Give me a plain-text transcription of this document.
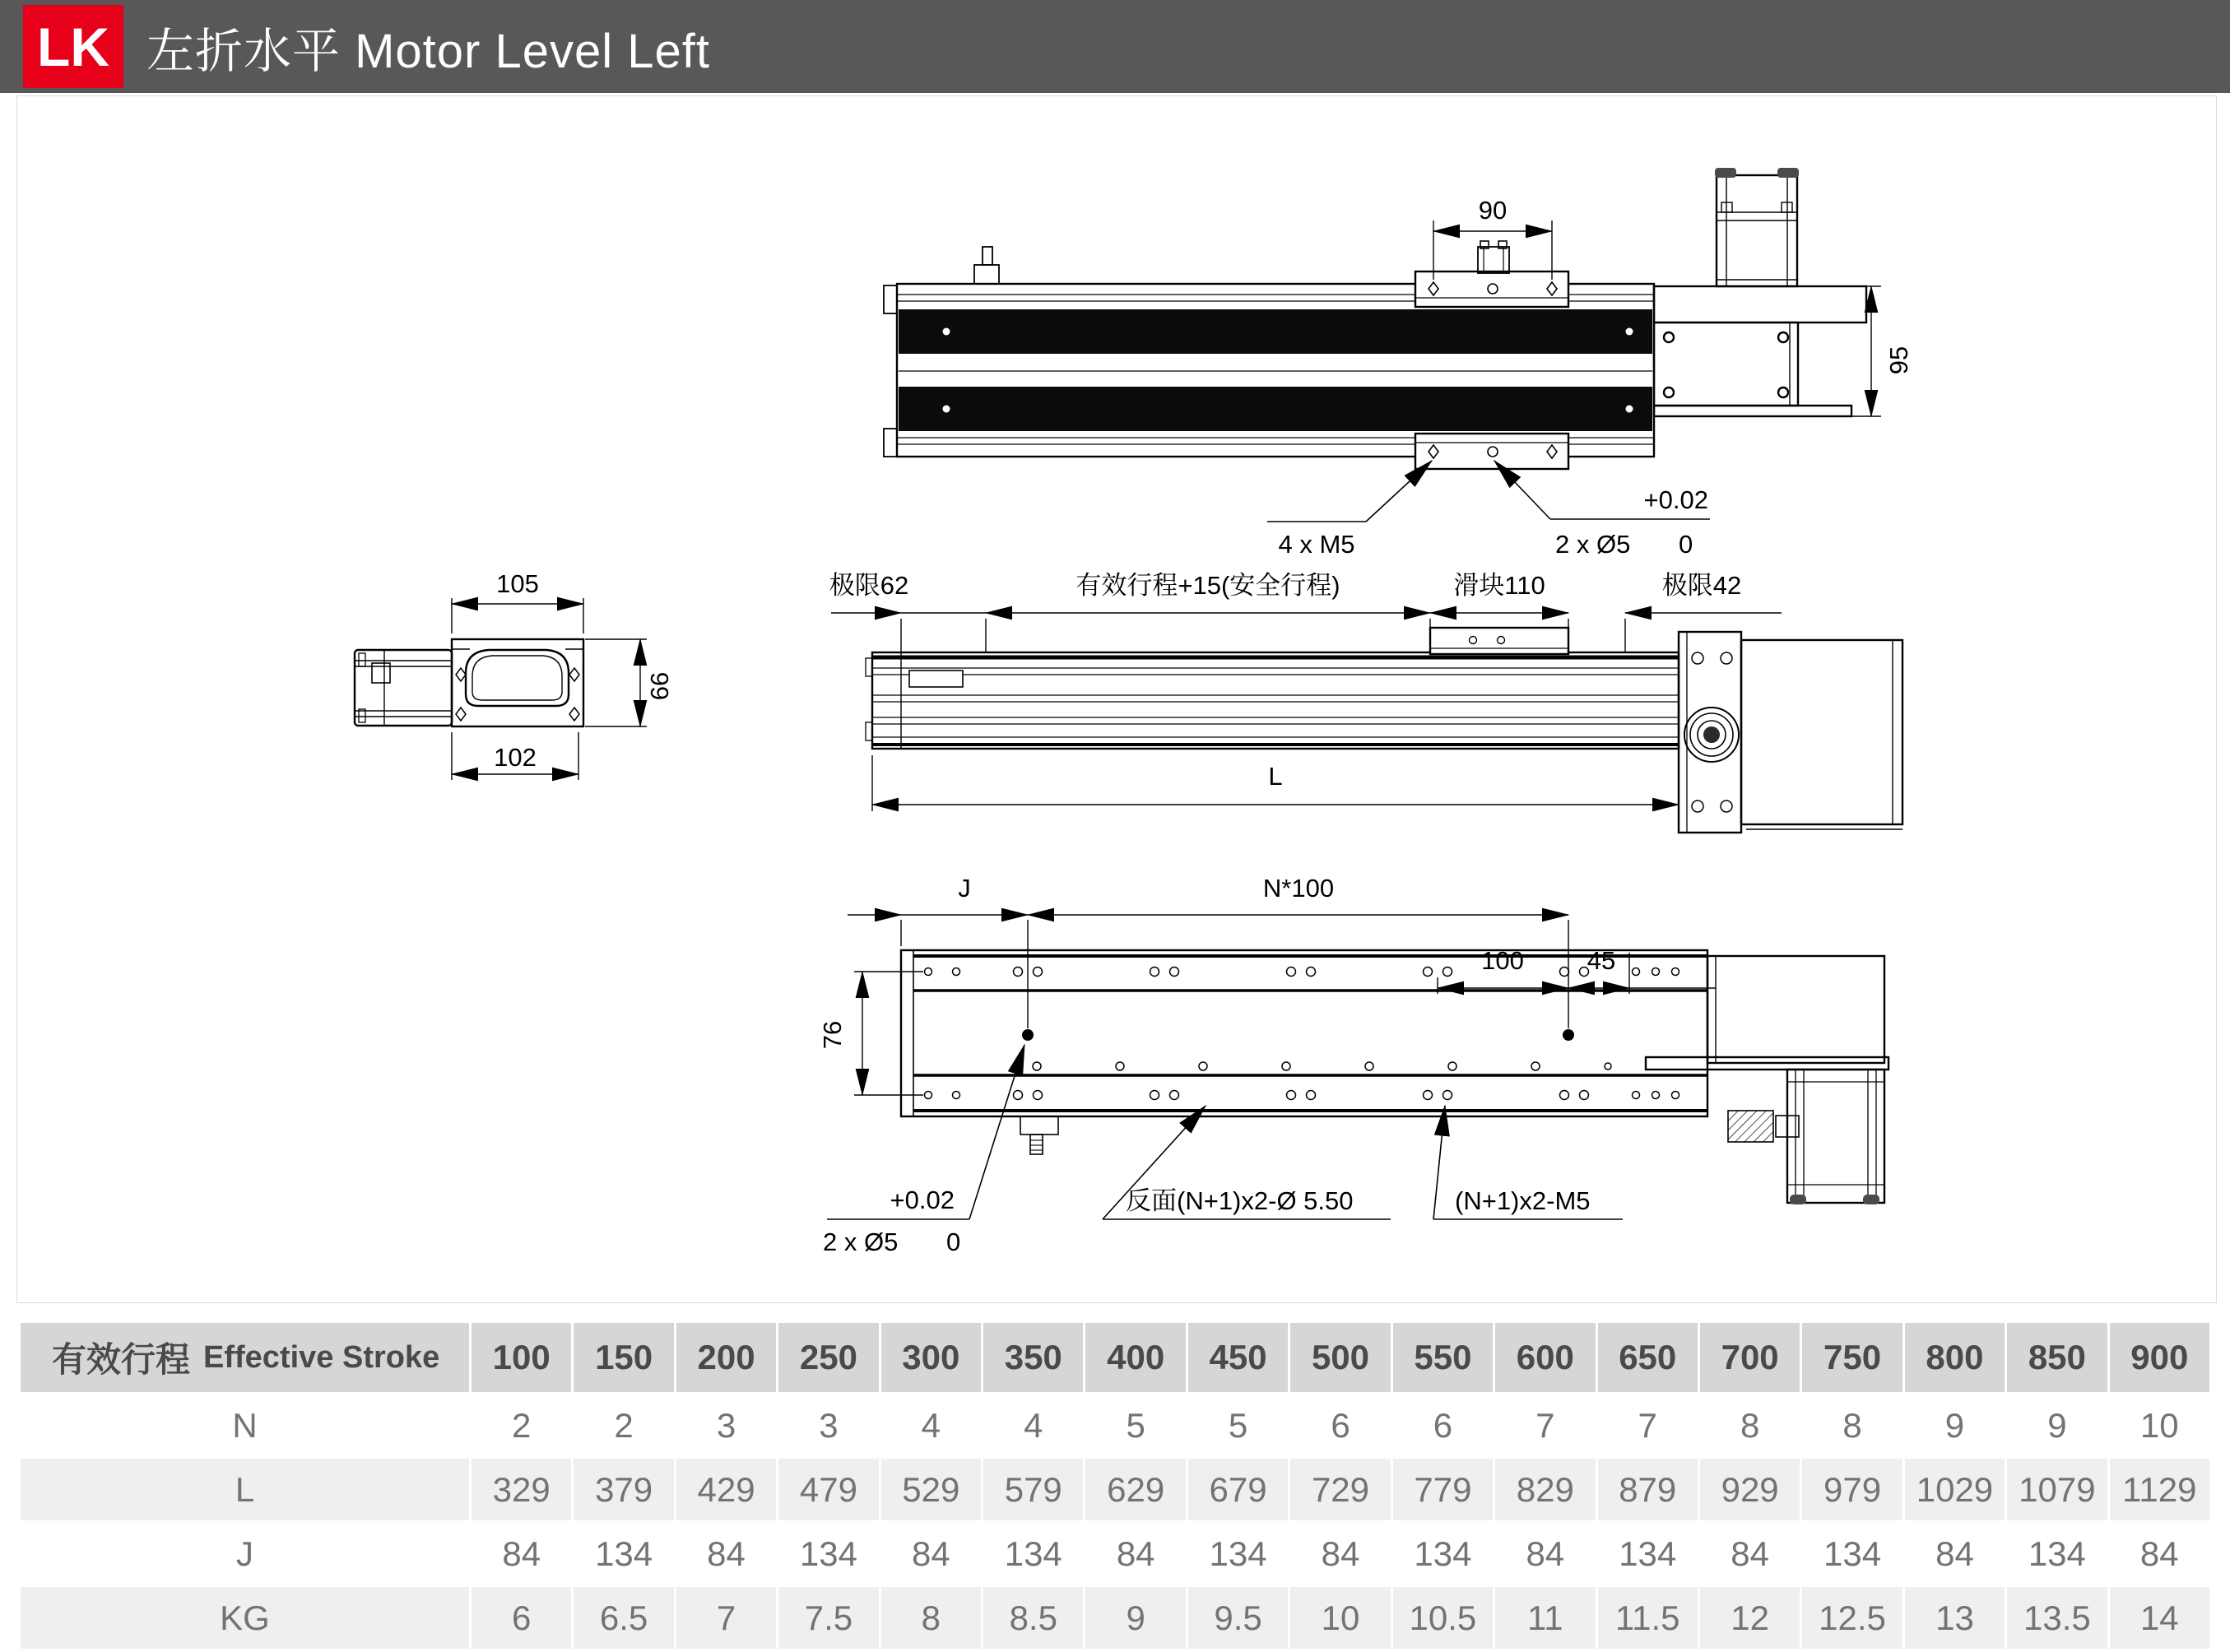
LK 左折水平 Motor Level Left
90
95
4 x M5
+0.02
2 x Ø5 0
105
66
102
极限62	有效行程+15(安全行程)	滑块110	极限42
L
J	N*100
100 45
76
+0.02
2 x Ø5 0
反面(N+1)x2-Ø 5.50	(N+1)x2-M5
有效行程 Effective Stroke	100	150	200	250	300	350	400	450	500	550	600	650	700	750	800	850	900
N	2	2	3	3	4	4	5	5	6	6	7	7	8	8	9	9	10
L	329	379	429	479	529	579	629	679	729	779	829	879	929	979	1029 1079 1129
J	84	134	84	134	84	134	84	134	84	134	84	134	84	134	84	134	84
KG	6	6.5	7	7.5	8	8.5	9	9.5	10	10.5	11	11.5	12	12.5	13	13.5	14
